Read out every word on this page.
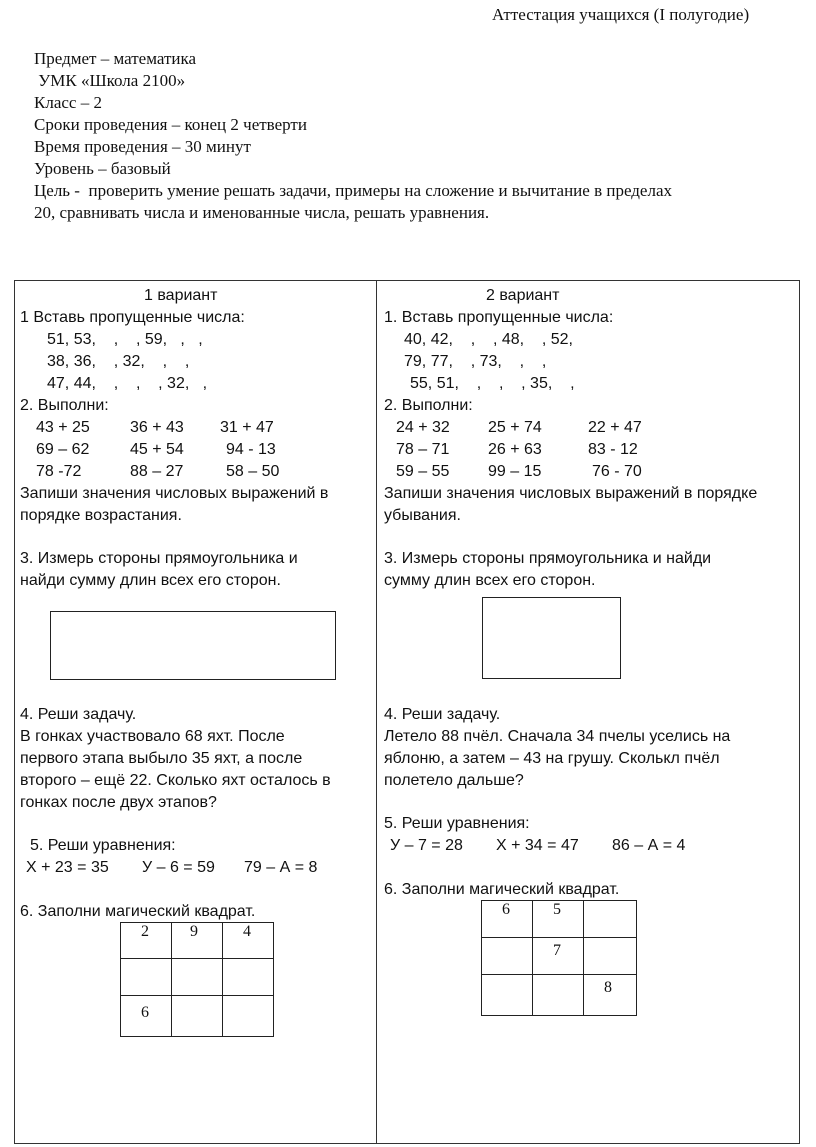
Аттестация учащихся (I полугодие)
Предмет – математика
УМК «Школа 2100»
Класс – 2
Сроки проведения – конец 2 четверти
Время проведения – 30 минут
Уровень – базовый
Цель -  проверить умение решать задачи, примеры на сложение и вычитание в пределах
20, сравнивать числа и именованные числа, решать уравнения.
1 вариант
1 Вставь пропущенные числа:
51, 53,    ,    , 59,   ,   ,
38, 36,    , 32,    ,    ,
47, 44,    ,    ,    , 32,   ,
2. Выполни:
43 + 25	36 + 43 31 + 47
69 – 62	45 + 54	94 - 13
78 -72	88 – 27	58 – 50
Запиши значения числовых выражений в
порядке возрастания.
3. Измерь стороны прямоугольника и
найди сумму длин всех его сторон.
4. Реши задачу.
В гонках участвовало 68 яхт. После
первого этапа выбыло 35 яхт, а после
второго – ещё 22. Сколько яхт осталось в
гонках после двух этапов?
5. Реши уравнения:
Х + 23 = 35 У – 6 = 59 79 – А = 8
6. Заполни магический квадрат.
2	9	4

6		
2 вариант
1. Вставь пропущенные числа:
40, 42,    ,    , 48,    , 52,
79, 77,    , 73,    ,    ,
55, 51,    ,    ,    , 35,    ,
2. Выполни:
24 + 32 25 + 74	22 + 47
78 – 71 26 + 63	83 - 12
59 – 55 99 – 15	76 - 70
Запиши значения числовых выражений в порядке
убывания.
3. Измерь стороны прямоугольника и найди
сумму длин всех его сторон.
4. Реши задачу.
Летело 88 пчёл. Сначала 34 пчелы уселись на
яблоню, а затем – 43 на грушу. Сколькл пчёл
полетело дальше?
5. Реши уравнения:
У – 7 = 28 Х + 34 = 47 86 – А = 4
6. Заполни магический квадрат.
6	5	
	7	
		8
